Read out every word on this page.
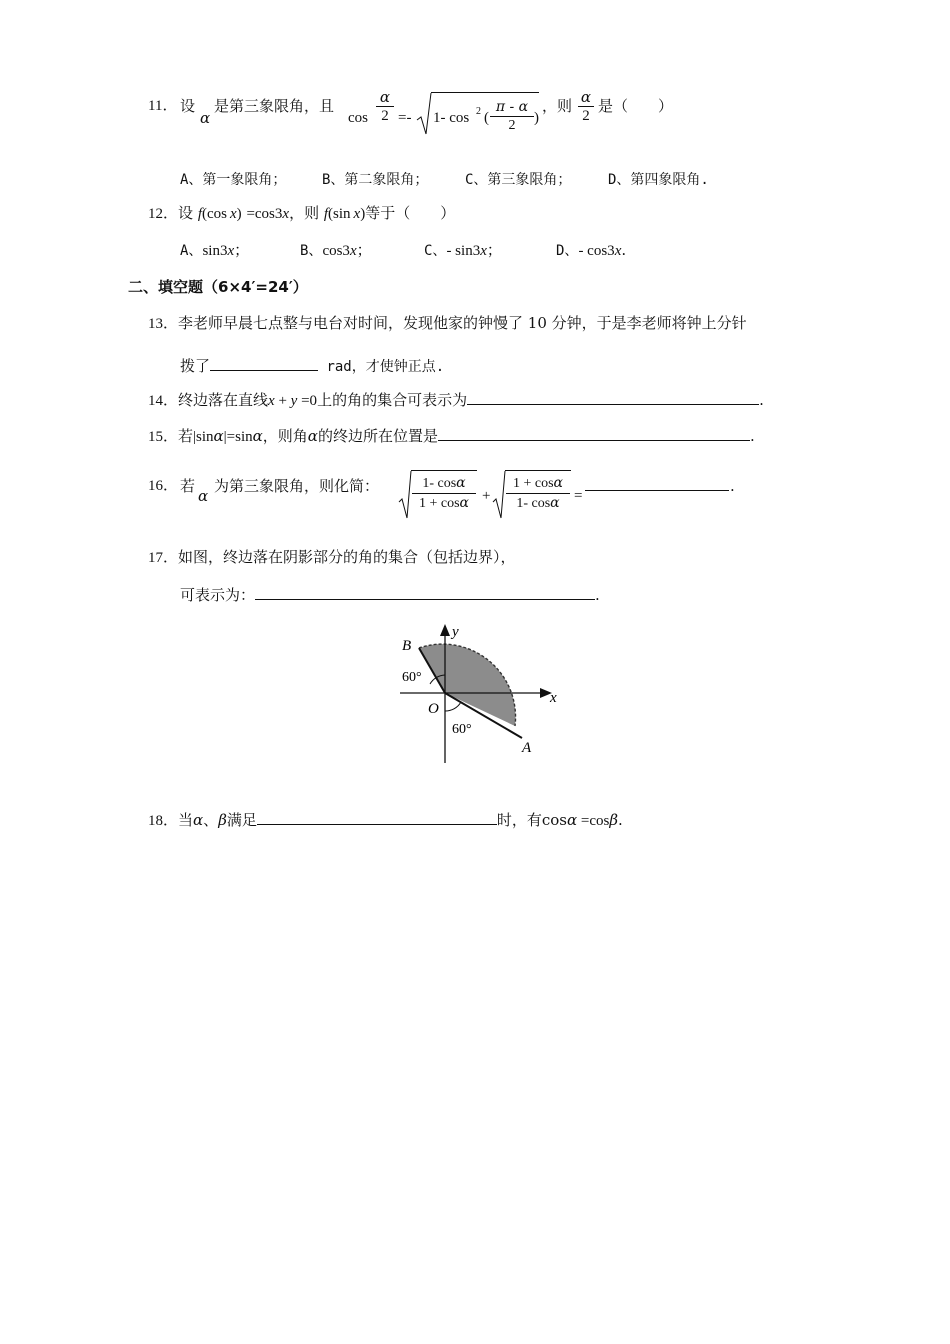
11． 设
α
是第三象限角，且
$\cos \frac{\alpha}{2} =- 1-$ cos 2 ( $\frac{\pi - \alpha}{2}$ )
，则 $\frac{\alpha}{2}$ 是（　　）
A、第一象限角；	B、第二象限角；	C、第三象限角；	D、第四象限角.
12．设 f(cos x) =cos3x，则 f(sin x)等于（　　）
A、sin3x；	B、cos3x；	C、- sin3x；	D、- cos3x.
二、填空题（6×4′=24′）
13．李老师早晨七点整与电台对时间，发现他家的钟慢了 10 分钟，于是李老师将钟上分针
拨了	rad，才使钟正点.
14．终边落在直线x + y =0上的角的集合可表示为	.
15．若|sinα|=sinα，则角α的终边所在位置是	.
16． 若
α
为第三象限角，则化简： $\frac{1- \cos\alpha}{1 + \cos\alpha} + \frac{1 + \cos\alpha}{1- \cos\alpha}$ =
.
17．如图，终边落在阴影部分的角的集合（包括边界），
可表示为：	.
B
y
x
O
A
60°
60°
18．当α、β满足	时，有cosα =cosβ.
